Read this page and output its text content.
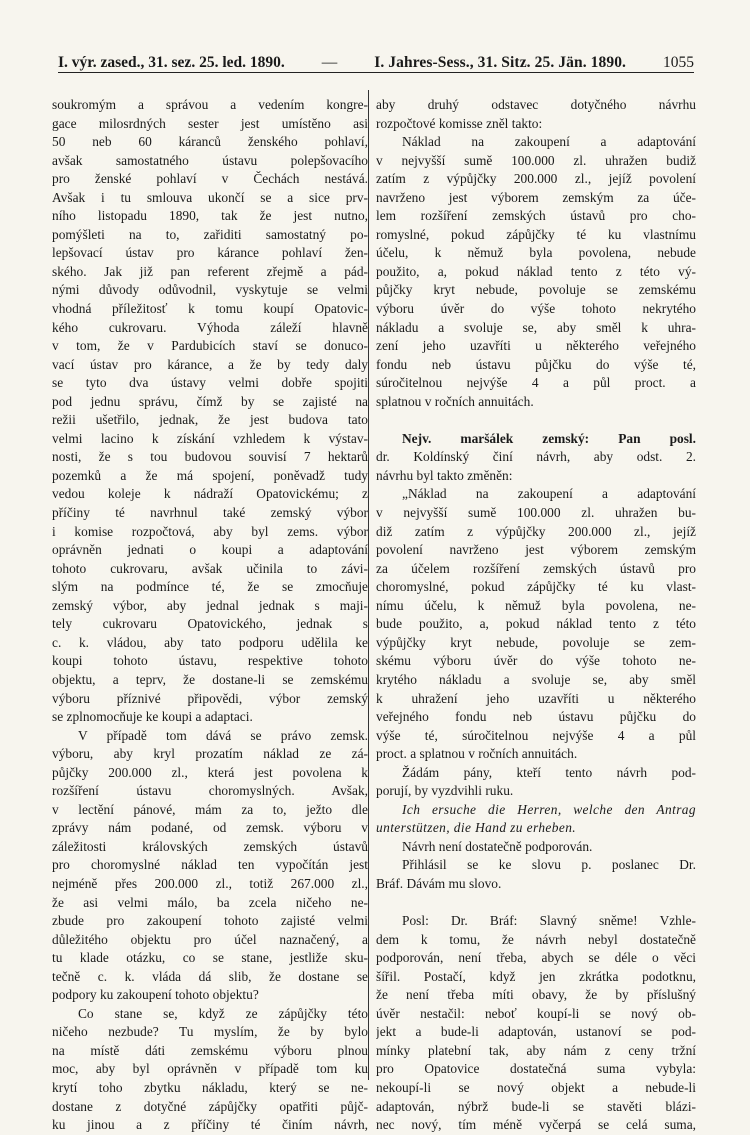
I. výr. zased., 31. sez. 25. led. 1890. — I. Jahres-Sess., 31. Sitz. 25. Jän. 1890. 1055
soukromým a správou a vedením kongre-
gace milosrdných sester jest umístěno asi
50 neb 60 káranců ženského pohlaví,
avšak samostatného ústavu polepšovacího
pro ženské pohlaví v Čechách nestává.
Avšak i tu smlouva ukončí se a sice prv-
ního listopadu 1890, tak že jest nutno,
pomýšleti na to, zařiditi samostatný po-
lepšovací ústav pro kárance pohlaví žen-
ského. Jak již pan referent zřejmě a pád-
nými důvody odůvodnil, vyskytuje se velmi
vhodná příležitosť k tomu koupí Opatovic-
kého cukrovaru. Výhoda záleží hlavně
v tom, že v Pardubicích staví se donuco-
vací ústav pro kárance, a že by tedy daly
se tyto dva ústavy velmi dobře spojiti
pod jednu správu, čímž by se zajisté na
režii ušetřilo, jednak, že jest budova tato
velmi lacino k získání vzhledem k výstav-
nosti, že s tou budovou souvisí 7 hektarů
pozemků a že má spojení, poněvadž tudy
vedou koleje k nádraží Opatovickému; z
příčiny té navrhnul také zemský výbor
i komise rozpočtová, aby byl zems. výbor
oprávněn jednati o koupi a adaptování
tohoto cukrovaru, avšak učinila to závi-
slým na podmínce té, že se zmocňuje
zemský výbor, aby jednal jednak s maji-
tely cukrovaru Opatovického, jednak s
c. k. vládou, aby tato podporu udělila ke
koupi tohoto ústavu, respektive tohoto
objektu, a teprv, že dostane-li se zemskému
výboru příznivé připovědi, výbor zemský
se zplnomocňuje ke koupi a adaptaci.
V případě tom dává se právo zemsk.
výboru, aby kryl prozatím náklad ze zá-
půjčky 200.000 zl., která jest povolena k
rozšíření ústavu choromyslných. Avšak,
v lectění pánové, mám za to, ježto dle
zprávy nám podané, od zemsk. výboru v
záležitosti královských zemských ústavů
pro choromyslné náklad ten vypočítán jest
nejméně přes 200.000 zl., totiž 267.000 zl.,
že asi velmi málo, ba zcela ničeho ne-
zbude pro zakoupení tohoto zajisté velmi
důležitého objektu pro účel naznačený, a
tu klade otázku, co se stane, jestliže sku-
tečně c. k. vláda dá slib, že dostane se
podpory ku zakoupení tohoto objektu?
Co stane se, když ze zápůjčky této
ničeho nezbude? Tu myslím, že by bylo
na místě dáti zemskému výboru plnou
moc, aby byl oprávněn v případě tom ku
krytí toho zbytku nákladu, který se ne-
dostane z dotyčné zápůjčky opatřiti půjč-
ku jinou a z příčiny té činím návrh,
aby druhý odstavec dotyčného návrhu
rozpočtové komisse zněl takto:
Náklad na zakoupení a adaptování
v nejvyšší sumě 100.000 zl. uhražen budiž
zatím z výpůjčky 200.000 zl., jejíž povolení
navrženo jest výborem zemským za úče-
lem rozšíření zemských ústavů pro cho-
romyslné, pokud zápůjčky té ku vlastnímu
účelu, k němuž byla povolena, nebude
použito, a, pokud náklad tento z této vý-
půjčky kryt nebude, povoluje se zemskému
výboru úvěr do výše tohoto nekrytého
nákladu a svoluje se, aby směl k uhra-
zení jeho uzavříti u některého veřejného
fondu neb ústavu půjčku do výše té,
súročitelnou nejvýše 4 a půl proct. a
splatnou v ročních annuitách.
Nejv. maršálek zemský: Pan posl.
dr. Koldínský činí návrh, aby odst. 2.
návrhu byl takto změněn:
„Náklad na zakoupení a adaptování
v nejvyšší sumě 100.000 zl. uhražen bu-
diž zatím z výpůjčky 200.000 zl., jejíž
povolení navrženo jest výborem zemským
za účelem rozšíření zemských ústavů pro
choromyslné, pokud zápůjčky té ku vlast-
nímu účelu, k němuž byla povolena, ne-
bude použito, a, pokud náklad tento z této
výpůjčky kryt nebude, povoluje se zem-
skému výboru úvěr do výše tohoto ne-
krytého nákladu a svoluje se, aby směl
k uhražení jeho uzavříti u některého
veřejného fondu neb ústavu půjčku do
výše té, súročitelnou nejvýše 4 a půl
proct. a splatnou v ročních annuitách.
Žádám pány, kteří tento návrh pod-
porují, by vyzdvihli ruku.
Ich ersuche die Herren, welche den Antrag
unterstützen, die Hand zu erheben.
Návrh není dostatečně podporován.
Přihlásil se ke slovu p. poslanec Dr.
Bráf. Dávám mu slovo.
Posl: Dr. Bráf: Slavný sněme! Vzhle-
dem k tomu, že návrh nebyl dostatečně
podporován, není třeba, abych se déle o věci
šířil. Postačí, když jen zkrátka podotknu,
že není třeba míti obavy, že by příslušný
úvěr nestačil: neboť koupí-li se nový ob-
jekt a bude-li adaptován, ustanoví se pod-
mínky platební tak, aby nám z ceny tržní
pro Opatovice dostatečná suma vybyla:
nekoupí-li se nový objekt a nebude-li
adaptován, nýbrž bude-li se stavěti blázi-
nec nový, tím méně vyčerpá se celá suma,
